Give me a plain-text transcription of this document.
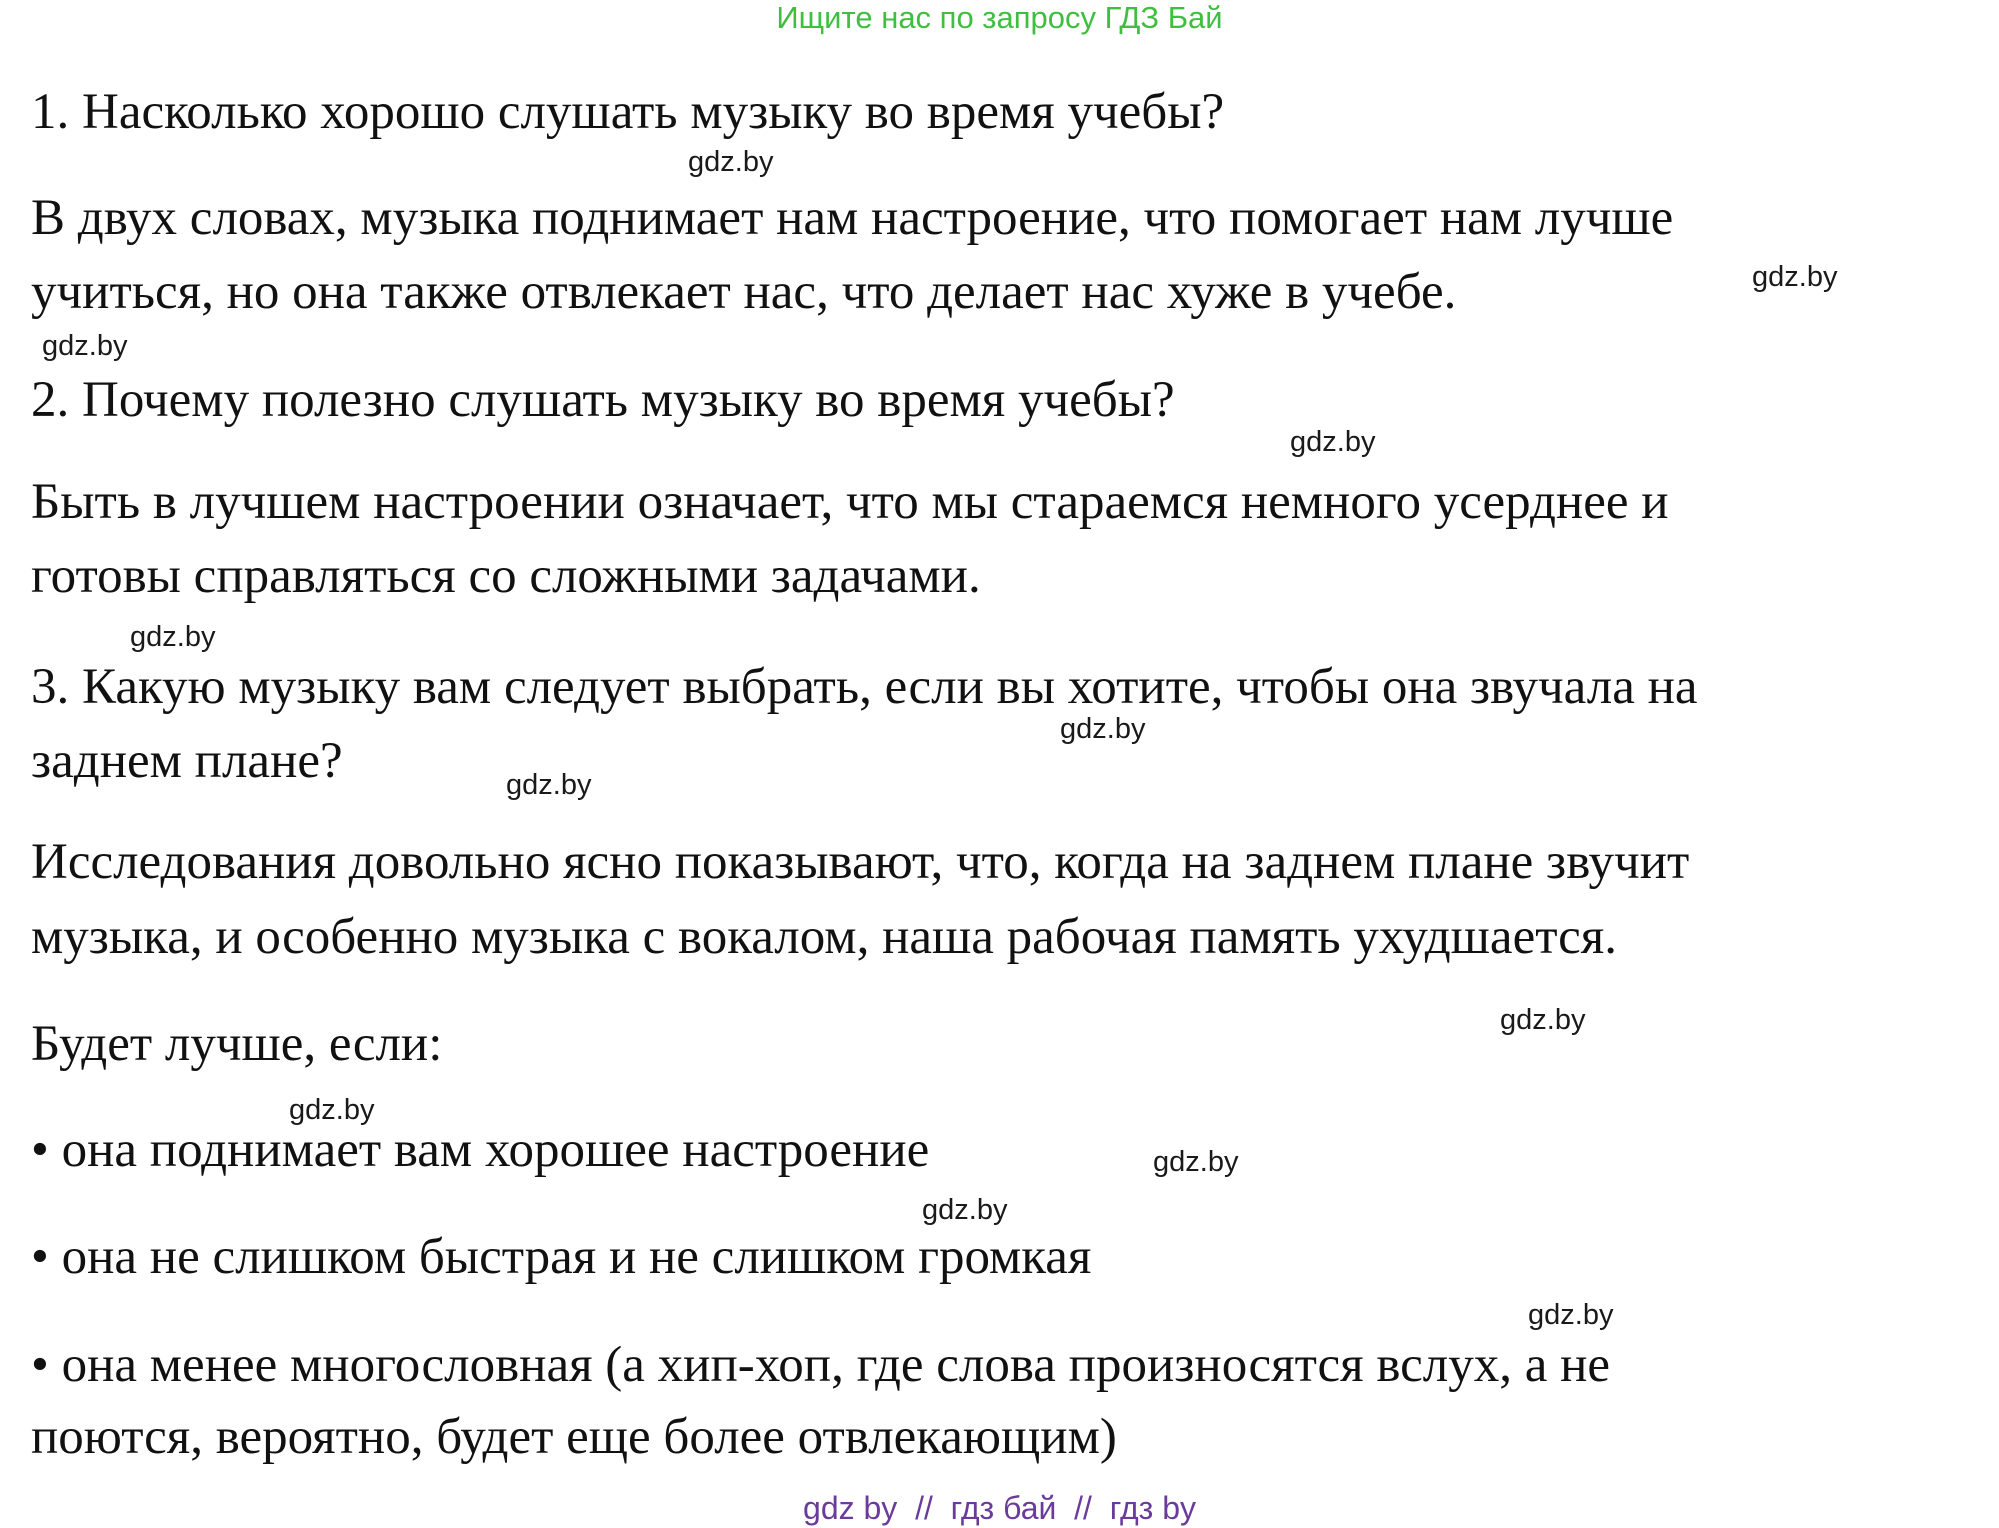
Ищите нас по запросу ГДЗ Бай

1. Насколько хорошо слушать музыку во время учебы?

gdz.by

В двух словах, музыка поднимает нам настроение, что помогает нам лучше

учиться, но она также отвлекает нас, что делает нас хуже в учебе.	gdz.by
gdz.by

2. Почему полезно слушать музыку во время учебы?

gdz.by

Быть в лучшем настроении означает, что мы стараемся немного усерднее и

готовы справляться со сложными задачами.

gdz.by

3. Какую музыку вам следует выбрать, если вы хотите, чтобы она звучала на

gdz.by

заднем плане?	gdz.by

Исследования довольно ясно показывают, что, когда на заднем плане звучит

музыка, и особенно музыка с вокалом, наша рабочая память ухудшается.

gdz.by

Будет лучше, если:

gdz.by

• она поднимает вам хорошее настроение	gdz.by
gdz.by

• она не слишком быстрая и не слишком громкая

gdz.by

• она менее многословная (а хип-хоп, где слова произносятся вслух, а не

поются, вероятно, будет еще более отвлекающим)

gdz by  //  гдз бай  //  гдз by
